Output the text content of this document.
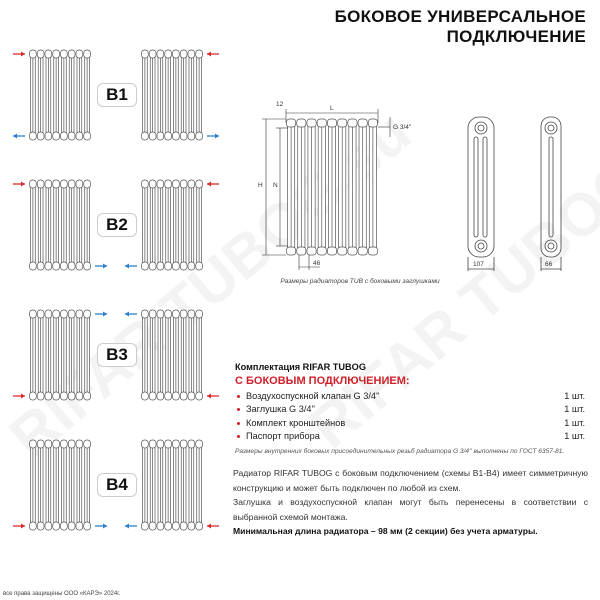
БОКОВОЕ УНИВЕРСАЛЬНОЕ
ПОДКЛЮЧЕНИЕ
B1
B2
B3
B4
12
L
H N
46
G 3/4''
107	66
Размеры радиаторов TUB с боковыми заглушками
Комплектация RIFAR TUBOG
С БОКОВЫМ ПОДКЛЮЧЕНИЕМ:
Воздухоспускной клапан G 3/4''	1 шт.
Заглушка G 3/4''	1 шт.
Комплект кронштейнов	1 шт.
Паспорт прибора	1 шт.
Размеры внутренних боковых присоединительных резьб радиатора G 3/4'' выполнены по ГОСТ 6357-81.
Радиатор RIFAR TUBOG с боковым подключением (схемы В1-В4) имеет симметричную конструкцию и может быть подключен по любой из схем.
Заглушка и воздухоспускной клапан могут быть перенесены в соответствии с выбранной схемой монтажа.
Минимальная длина радиатора – 98 мм (2 секции) без учета арматуры.
все права защищены ООО «КАРЭ» 2024г.
